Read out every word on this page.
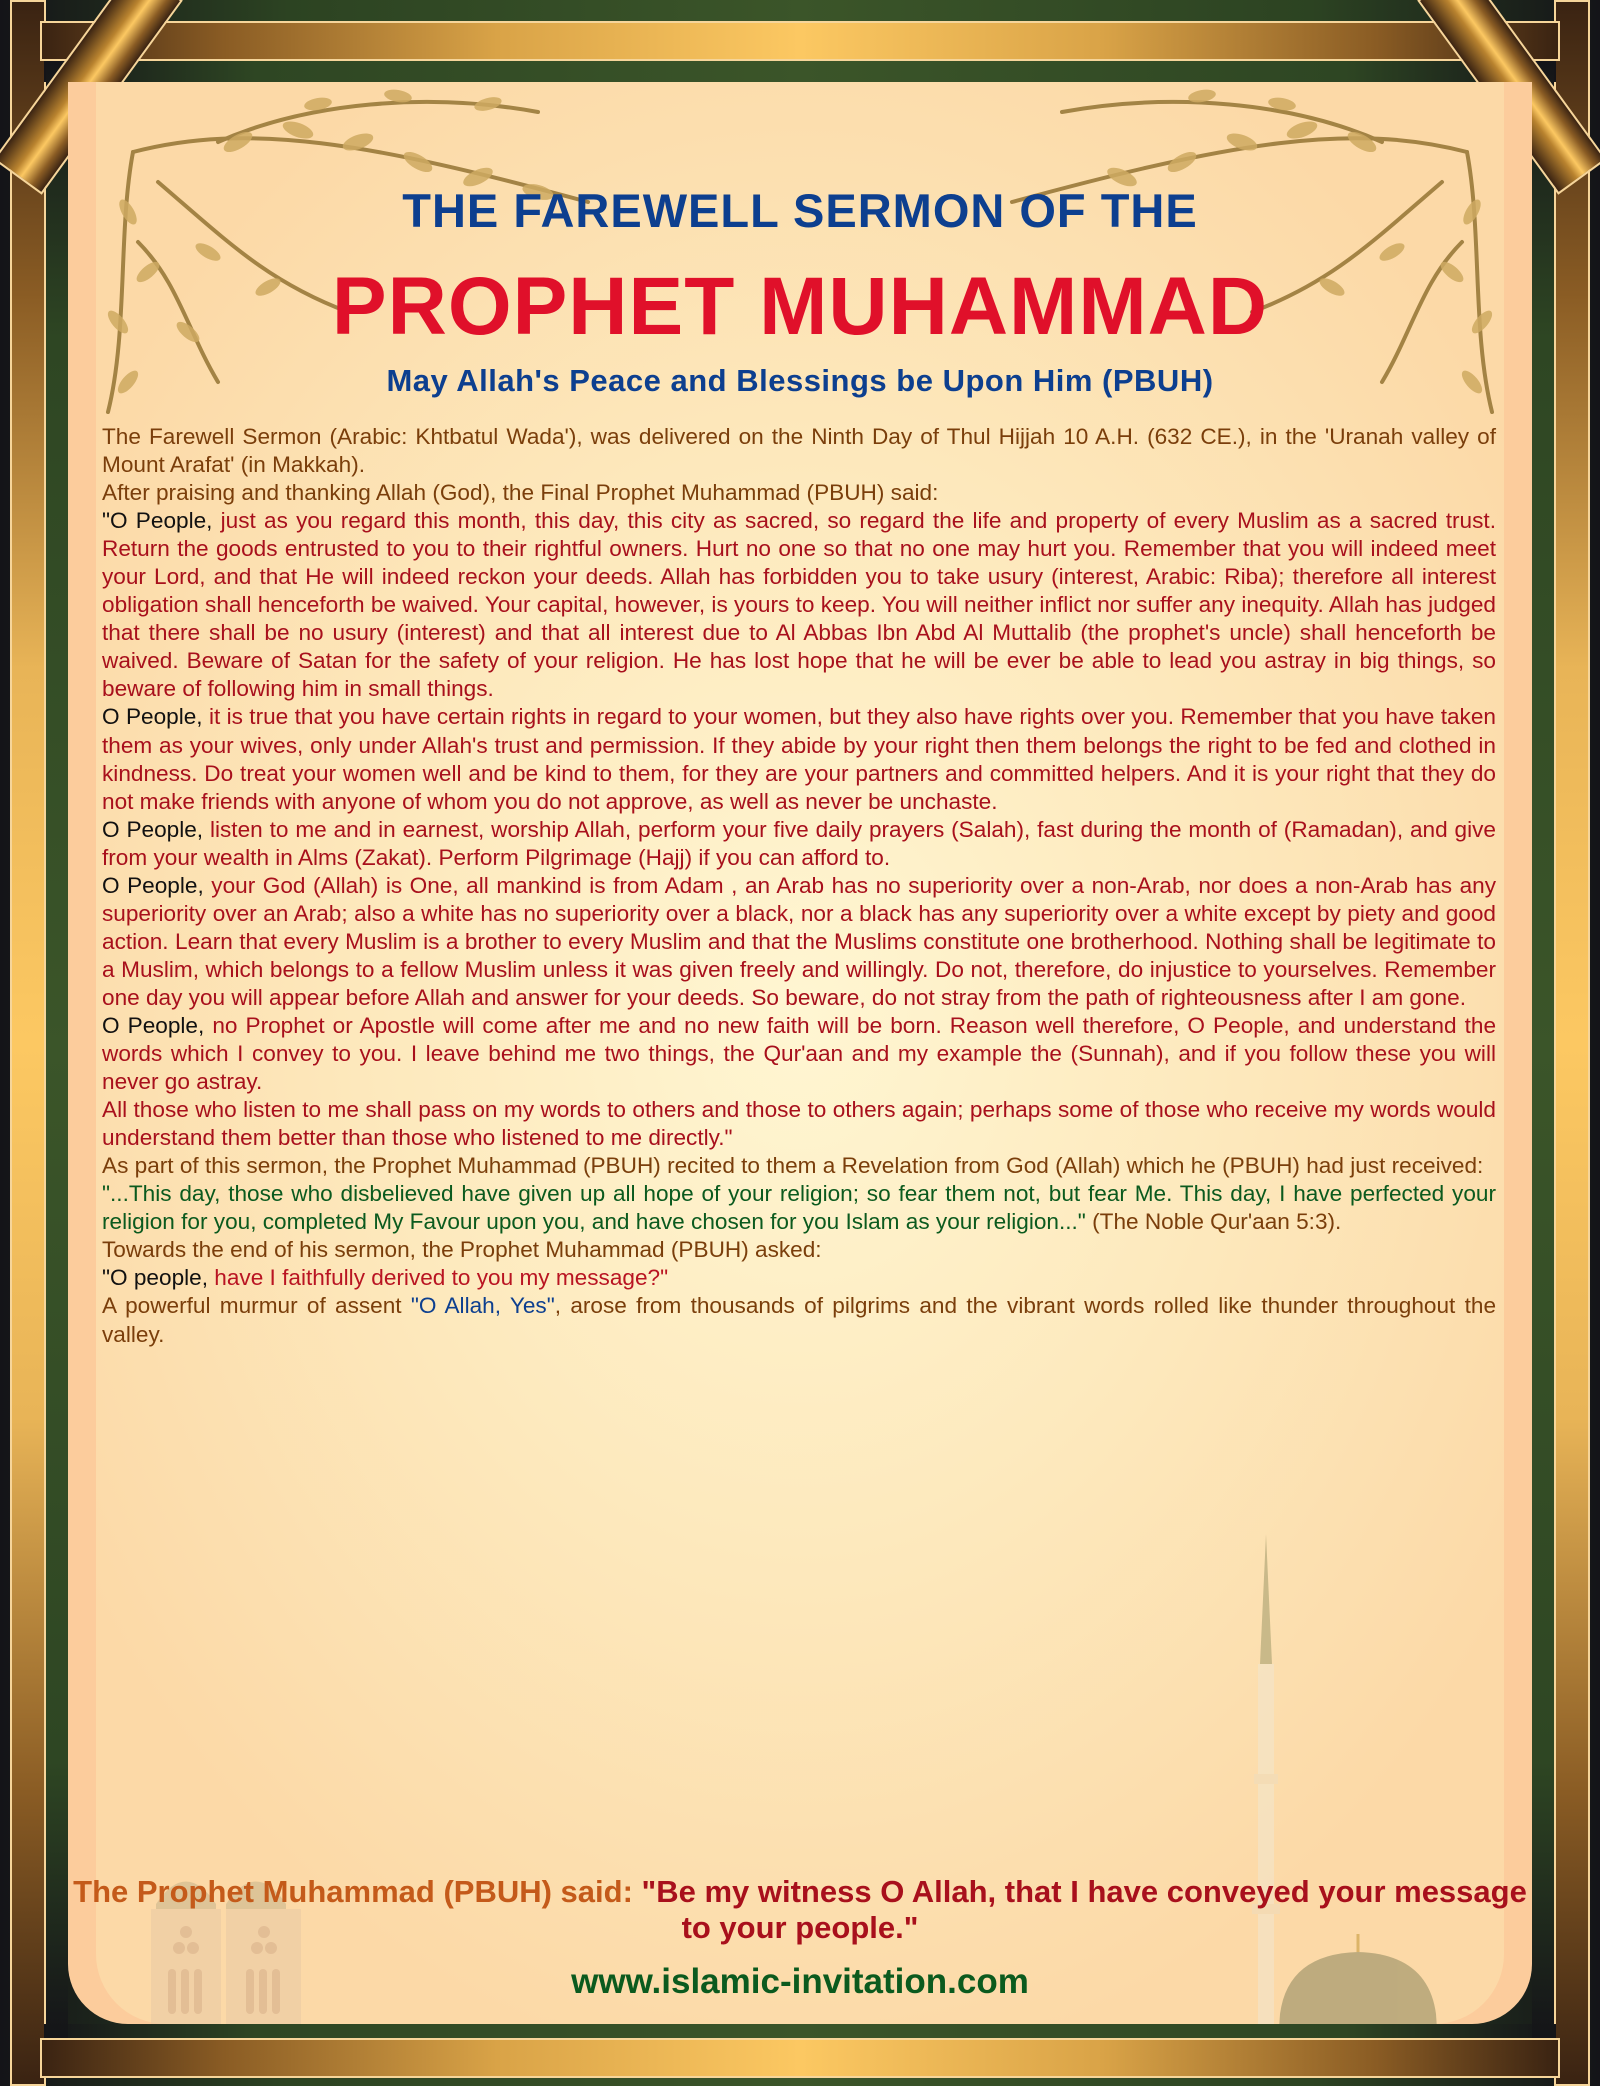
THE FAREWELL SERMON OF THE
PROPHET MUHAMMAD
May Allah's Peace and Blessings be Upon Him (PBUH)

The Farewell Sermon (Arabic: Khtbatul Wada'), was delivered on the Ninth Day of Thul Hijjah 10 A.H. (632 CE.), in the 'Uranah valley of Mount Arafat' (in Makkah).

After praising and thanking Allah (God), the Final Prophet Muhammad (PBUH) said:

"O People, just as you regard this month, this day, this city as sacred, so regard the life and property of every Muslim as a sacred trust. Return the goods entrusted to you to their rightful owners. Hurt no one so that no one may hurt you. Remember that you will indeed meet your Lord, and that He will indeed reckon your deeds. Allah has forbidden you to take usury (interest, Arabic: Riba); therefore all interest obligation shall henceforth be waived. Your capital, however, is yours to keep. You will neither inflict nor suffer any inequity. Allah has judged that there shall be no usury (interest) and that all interest due to Al Abbas Ibn Abd Al Muttalib (the prophet's uncle) shall henceforth be waived. Beware of Satan for the safety of your religion. He has lost hope that he will be ever be able to lead you astray in big things, so beware of following him in small things.

O People, it is true that you have certain rights in regard to your women, but they also have rights over you. Remember that you have taken them as your wives, only under Allah's trust and permission. If they abide by your right then them belongs the right to be fed and clothed in kindness. Do treat your women well and be kind to them, for they are your partners and committed helpers. And it is your right that they do not make friends with anyone of whom you do not approve, as well as never be unchaste.

O People, listen to me and in earnest, worship Allah, perform your five daily prayers (Salah), fast during the month of (Ramadan), and give from your wealth in Alms (Zakat). Perform Pilgrimage (Hajj) if you can afford to.

O People, your God (Allah) is One, all mankind is from Adam , an Arab has no superiority over a non-Arab, nor does a non-Arab has any superiority over an Arab; also a white has no superiority over a black, nor a black has any superiority over a white except by piety and good action. Learn that every Muslim is a brother to every Muslim and that the Muslims constitute one brotherhood. Nothing shall be legitimate to a Muslim, which belongs to a fellow Muslim unless it was given freely and willingly. Do not, therefore, do injustice to yourselves. Remember one day you will appear before Allah and answer for your deeds. So beware, do not stray from the path of righteousness after I am gone.

O People, no Prophet or Apostle will come after me and no new faith will be born. Reason well therefore, O People, and understand the words which I convey to you. I leave behind me two things, the Qur'aan and my example the (Sunnah), and if you follow these you will never go astray.

All those who listen to me shall pass on my words to others and those to others again; perhaps some of those who receive my words would understand them better than those who listened to me directly."

As part of this sermon, the Prophet Muhammad (PBUH) recited to them a Revelation from God (Allah) which he (PBUH) had just received:

"...This day, those who disbelieved have given up all hope of your religion; so fear them not, but fear Me. This day, I have perfected your religion for you, completed My Favour upon you, and have chosen for you Islam as your religion..." (The Noble Qur'aan 5:3).

Towards the end of his sermon, the Prophet Muhammad (PBUH) asked:

"O people, have I faithfully derived to you my message?"

A powerful murmur of assent "O Allah, Yes", arose from thousands of pilgrims and the vibrant words rolled like thunder throughout the valley.

The Prophet Muhammad (PBUH) said: "Be my witness O Allah, that I have conveyed your message to your people."
www.islamic-invitation.com
